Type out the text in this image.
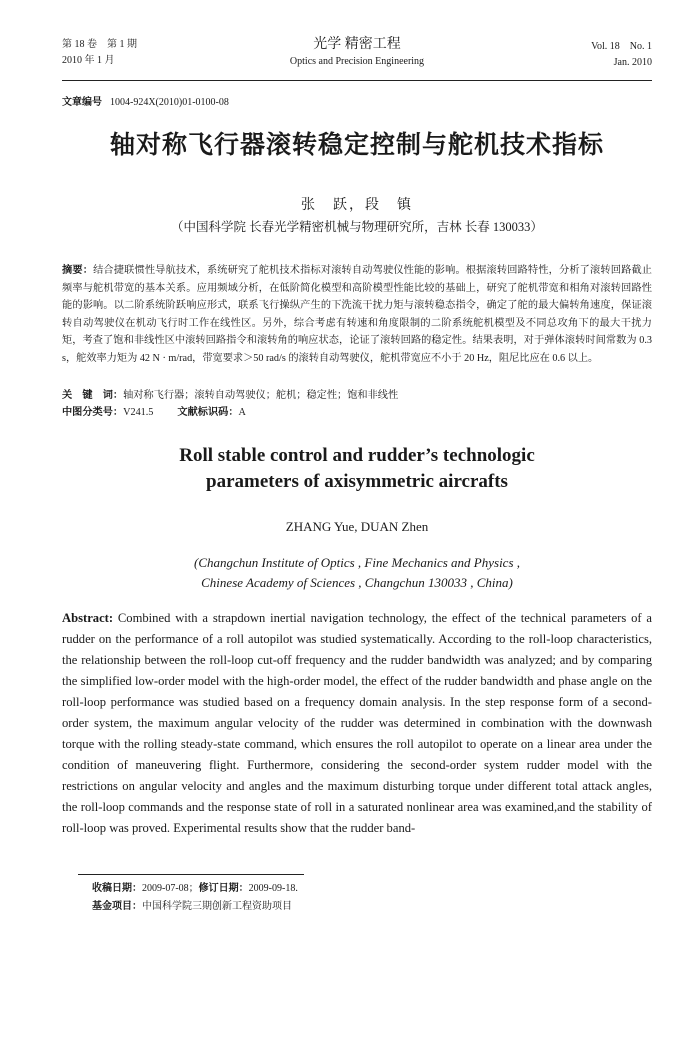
第 18 卷　第 1 期
2010 年 1 月
光学 精密工程
Optics and Precision Engineering
Vol. 18　No. 1
Jan. 2010
文章编号 1004-924X(2010)01-0100-08
轴对称飞行器滚转稳定控制与舵机技术指标
张　跃，段　镇
（中国科学院 长春光学精密机械与物理研究所，吉林 长春 130033）
摘要：结合捷联惯性导航技术，系统研究了舵机技术指标对滚转自动驾驶仪性能的影响。根据滚转回路特性，分析了滚转回路截止频率与舵机带宽的基本关系。应用频域分析，在低阶简化模型和高阶模型性能比较的基础上，研究了舵机带宽和相角对滚转回路性能的影响。以二阶系统阶跃响应形式，联系飞行操纵产生的下洗流干扰力矩与滚转稳态指令，确定了舵的最大偏转角速度，保证滚转自动驾驶仪在机动飞行时工作在线性区。另外，综合考虑有转速和角度限制的二阶系统舵机模型及不同总攻角下的最大干扰力矩，考查了饱和非线性区中滚转回路指令和滚转角的响应状态，论证了滚转回路的稳定性。结果表明，对于弹体滚转时间常数为 0.3 s，舵效率力矩为 42 N · m/rad，带宽要求＞50 rad/s 的滚转自动驾驶仪，舵机带宽应不小于 20 Hz，阻尼比应在 0.6 以上。
关　键　词：轴对称飞行器；滚转自动驾驶仪；舵机；稳定性；饱和非线性
中图分类号：V241.5 文献标识码：A
Roll stable control and rudder’s technologic
parameters of axisymmetric aircrafts
ZHANG Yue, DUAN Zhen
(Changchun Institute of Optics , Fine Mechanics and Physics ,
Chinese Academy of Sciences , Changchun 130033 , China)
Abstract: Combined with a strapdown inertial navigation technology, the effect of the technical parameters of a rudder on the performance of a roll autopilot was studied systematically. According to the roll-loop characteristics, the relationship between the roll-loop cut-off frequency and the rudder bandwidth was analyzed; and by comparing the simplified low-order model with the high-order model, the effect of the rudder bandwidth and phase angle on the roll-loop performance was studied based on a frequency domain analysis. In the step response form of a second-order system, the maximum angular velocity of the rudder was determined in combination with the downwash torque with the rolling steady-state command, which ensures the roll autopilot to operate on a linear area under the condition of maneuvering flight. Furthermore, considering the second-order system rudder model with the restrictions on angular velocity and angles and the maximum disturbing torque under different total attack angles, the roll-loop commands and the response state of roll in a saturated nonlinear area was examined,and the stability of roll-loop was proved. Experimental results show that the rudder band-
收稿日期：2009-07-08；修订日期：2009-09-18.
基金项目：中国科学院三期创新工程资助项目
